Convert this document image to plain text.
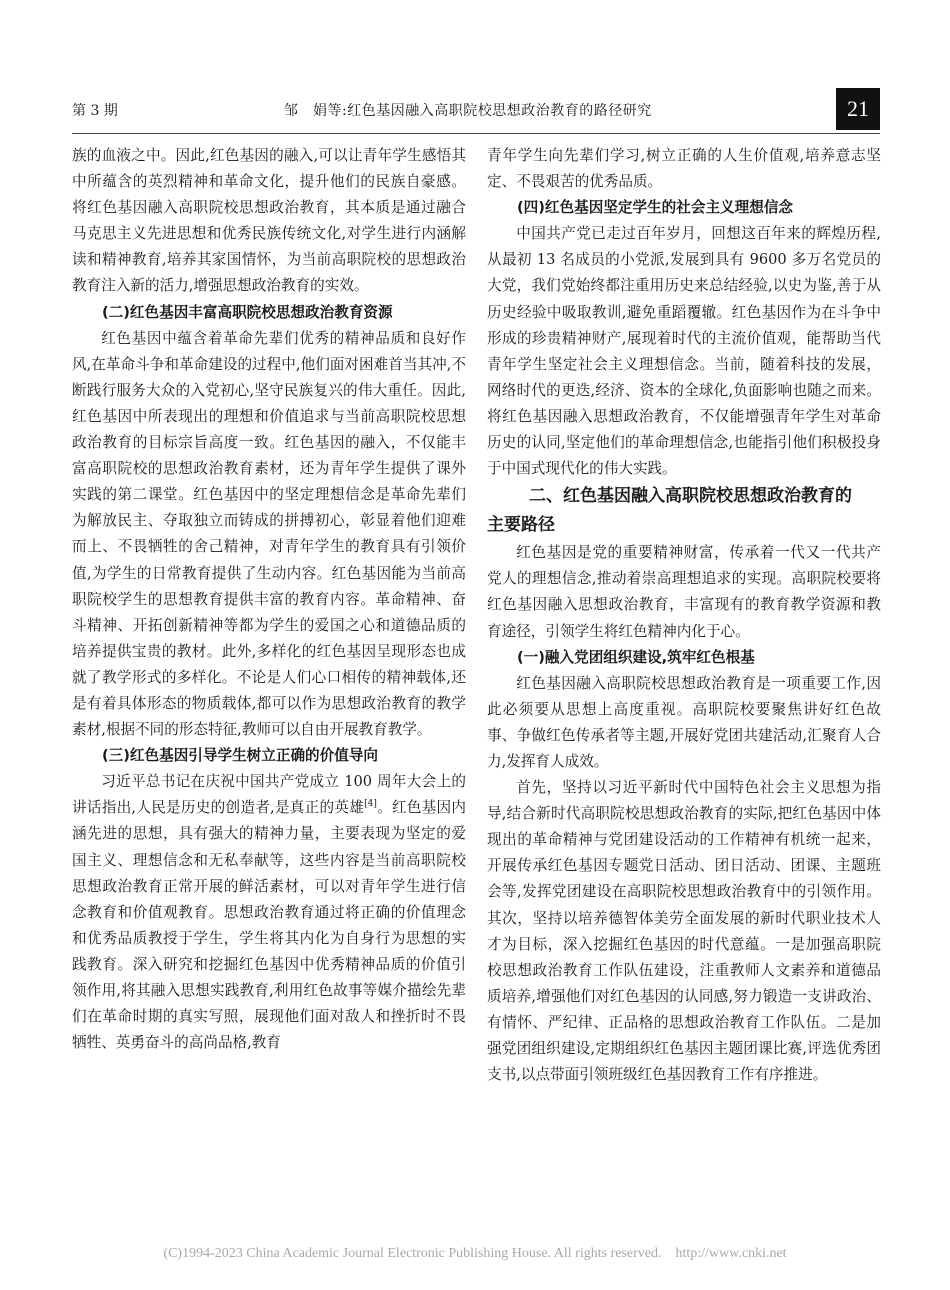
第 3 期	邹　娟等:红色基因融入高职院校思想政治教育的路径研究	21

族的血液之中。因此,红色基因的融入,可以让青年学生感悟其中所蕴含的英烈精神和革命文化，提升他们的民族自豪感。将红色基因融入高职院校思想政治教育，其本质是通过融合马克思主义先进思想和优秀民族传统文化,对学生进行内涵解读和精神教育,培养其家国情怀，为当前高职院校的思想政治教育注入新的活力,增强思想政治教育的实效。

(二)红色基因丰富高职院校思想政治教育资源

红色基因中蕴含着革命先辈们优秀的精神品质和良好作风,在革命斗争和革命建设的过程中,他们面对困难首当其冲,不断践行服务大众的入党初心,坚守民族复兴的伟大重任。因此,红色基因中所表现出的理想和价值追求与当前高职院校思想政治教育的目标宗旨高度一致。红色基因的融入，不仅能丰富高职院校的思想政治教育素材，还为青年学生提供了课外实践的第二课堂。红色基因中的坚定理想信念是革命先辈们为解放民主、夺取独立而铸成的拼搏初心，彰显着他们迎难而上、不畏牺牲的舍己精神，对青年学生的教育具有引领价值,为学生的日常教育提供了生动内容。红色基因能为当前高职院校学生的思想教育提供丰富的教育内容。革命精神、奋斗精神、开拓创新精神等都为学生的爱国之心和道德品质的培养提供宝贵的教材。此外,多样化的红色基因呈现形态也成就了教学形式的多样化。不论是人们心口相传的精神载体,还是有着具体形态的物质载体,都可以作为思想政治教育的教学素材,根据不同的形态特征,教师可以自由开展教育教学。

(三)红色基因引导学生树立正确的价值导向

习近平总书记在庆祝中国共产党成立 100 周年大会上的讲话指出,人民是历史的创造者,是真正的英雄[4]。红色基因内涵先进的思想，具有强大的精神力量，主要表现为坚定的爱国主义、理想信念和无私奉献等，这些内容是当前高职院校思想政治教育正常开展的鲜活素材，可以对青年学生进行信念教育和价值观教育。思想政治教育通过将正确的价值理念和优秀品质教授于学生，学生将其内化为自身行为思想的实践教育。深入研究和挖掘红色基因中优秀精神品质的价值引领作用,将其融入思想实践教育,利用红色故事等媒介描绘先辈们在革命时期的真实写照，展现他们面对敌人和挫折时不畏牺牲、英勇奋斗的高尚品格,教育

青年学生向先辈们学习,树立正确的人生价值观,培养意志坚定、不畏艰苦的优秀品质。

(四)红色基因坚定学生的社会主义理想信念

中国共产党已走过百年岁月，回想这百年来的辉煌历程,从最初 13 名成员的小党派,发展到具有 9600 多万名党员的大党，我们党始终都注重用历史来总结经验,以史为鉴,善于从历史经验中吸取教训,避免重蹈覆辙。红色基因作为在斗争中形成的珍贵精神财产,展现着时代的主流价值观，能帮助当代青年学生坚定社会主义理想信念。当前，随着科技的发展，网络时代的更迭,经济、资本的全球化,负面影响也随之而来。将红色基因融入思想政治教育，不仅能增强青年学生对革命历史的认同,坚定他们的革命理想信念,也能指引他们积极投身于中国式现代化的伟大实践。

二、红色基因融入高职院校思想政治教育的
主要路径

红色基因是党的重要精神财富，传承着一代又一代共产党人的理想信念,推动着崇高理想追求的实现。高职院校要将红色基因融入思想政治教育，丰富现有的教育教学资源和教育途径，引领学生将红色精神内化于心。

(一)融入党团组织建设,筑牢红色根基

红色基因融入高职院校思想政治教育是一项重要工作,因此必须要从思想上高度重视。高职院校要聚焦讲好红色故事、争做红色传承者等主题,开展好党团共建活动,汇聚育人合力,发挥育人成效。

首先，坚持以习近平新时代中国特色社会主义思想为指导,结合新时代高职院校思想政治教育的实际,把红色基因中体现出的革命精神与党团建设活动的工作精神有机统一起来，开展传承红色基因专题党日活动、团日活动、团课、主题班会等,发挥党团建设在高职院校思想政治教育中的引领作用。其次，坚持以培养德智体美劳全面发展的新时代职业技术人才为目标，深入挖掘红色基因的时代意蕴。一是加强高职院校思想政治教育工作队伍建设，注重教师人文素养和道德品质培养,增强他们对红色基因的认同感,努力锻造一支讲政治、有情怀、严纪律、正品格的思想政治教育工作队伍。二是加强党团组织建设,定期组织红色基因主题团课比赛,评选优秀团支书,以点带面引领班级红色基因教育工作有序推进。

(C)1994-2023 China Academic Journal Electronic Publishing House. All rights reserved.　http://www.cnki.net
